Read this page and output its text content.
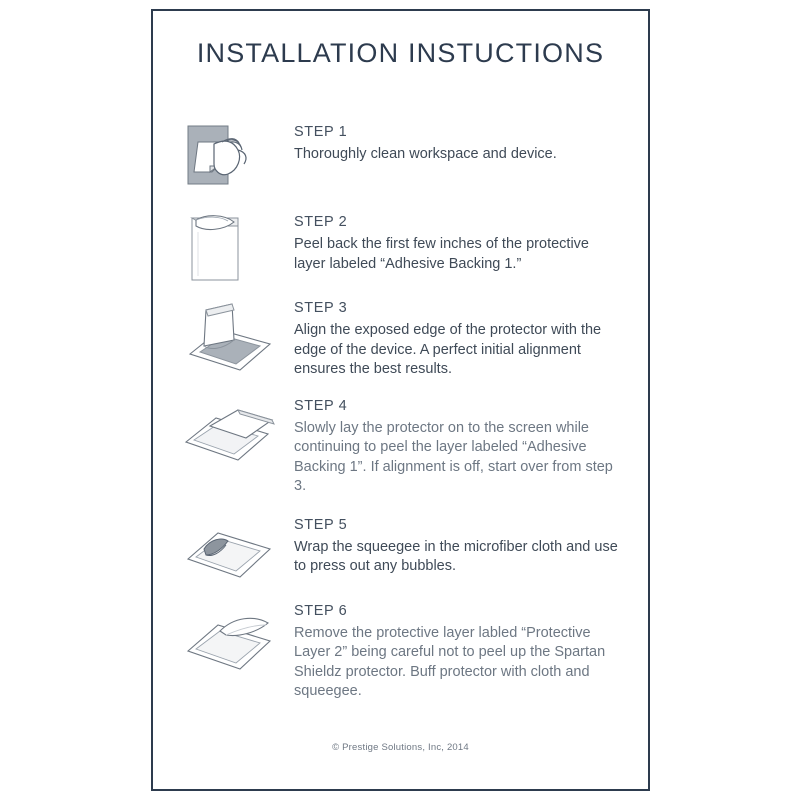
INSTALLATION INSTUCTIONS
STEP 1
Thoroughly clean workspace and device.
STEP 2
Peel back the first few inches of the protective layer labeled “Adhesive Backing 1.”
STEP 3
Align the exposed edge of the protector with the edge of the device. A perfect initial alignment ensures the best results.
STEP 4
Slowly lay the protector on to the screen while continuing to peel the layer labeled “Adhesive Backing 1”. If alignment is off, start over from step 3.
STEP 5
Wrap the squeegee in the microfiber cloth and use to press out any bubbles.
STEP 6
Remove the protective layer labled “Protective Layer 2” being careful not to peel up the Spartan Shieldz protector. Buff protector with cloth and squeegee.
© Prestige Solutions, Inc, 2014
